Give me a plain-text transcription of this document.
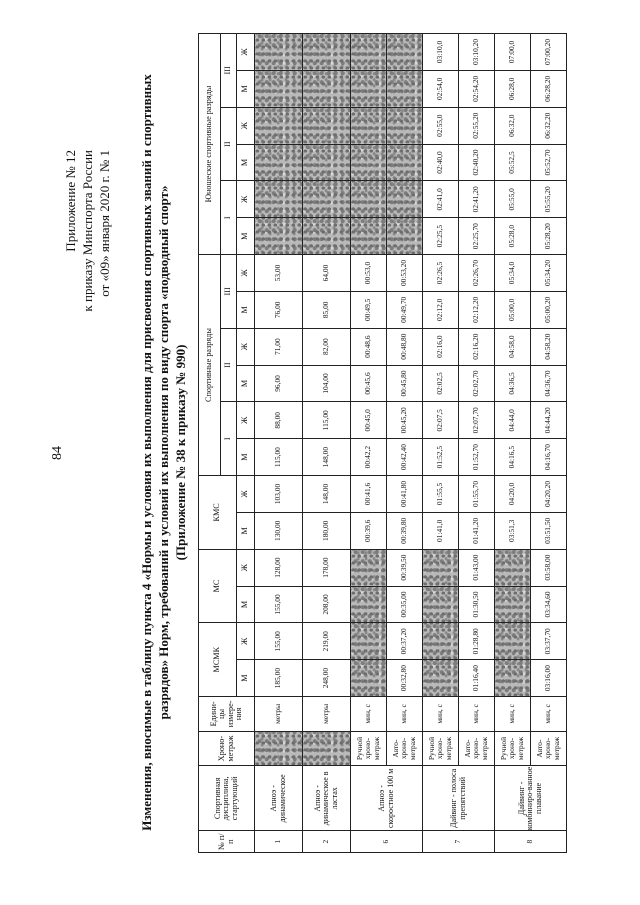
84
Приложение № 12 к приказу Минспорта России от «09» января 2020 г. № 1 Изменения, вносимые в таблицу пункта 4 «Нормы и условия их выполнения для присвоения спортивных званий и спортивных разрядов» Норм, требований и условий их выполнения по виду спорта «подводный спорт» (Приложение № 38 к приказу № 990)
№ п/п	Спортивная дисциплина, стартующий	Хроно-метраж	Едини-цы измере-ния	МСМК		МС		КМС		Спортивные разряды						Юношеские спортивные разряды					
										I		II		III		I		II		III	
				М	Ж	М	Ж	М	Ж	М	Ж	М	Ж	М	Ж	М	Ж	М	Ж	М	Ж
1	Апноэ - динамическое		метры	185,00	155,00	155,00	128,00	130,00	103,00	115,00	88,00	96,00	71,00	76,00	53,00						
2	Апноэ - динамическое в ластах		метры	248,00	219,00	208,00	178,00	180,00	148,00	148,00	115,00	104,00	82,00	85,00	64,00						
6	Апноэ - скоростное 100 м	Ручной хроно-метраж	мин, с					00:39,6	00:41,6	00:42,2	00:45,0	00:45,6	00:48,6	00:49,5	00:53,0						
		Авто-хроно-метраж	мин, с	00:32,80	00:37,20	00:35,00	00:39,50	00:39,80	00:41,80	00:42,40	00:45,20	00:45,80	00:48,80	00:49,70	00:53,20						
7	Дайвинг - полоса препятствий	Ручной хроно-метраж	мин, с					01:41,0	01:55,5	01:52,5	02:07,5	02:02,5	02:16,0	02:12,0	02:26,5	02:25,5	02:41,0	02:40,0	02:55,0	02:54,0	03:10,0
		Авто-хроно-метраж	мин, с	01:16,40	01:28,80	01:30,50	01:43,00	01:41,20	01:55,70	01:52,70	02:07,70	02:02,70	02:16,20	02:12,20	02:26,70	02:25,70	02:41,20	02:40,20	02:55,20	02:54,20	03:10,20
8	Дайвинг - комбиниро-ванное плавание	Ручной хроно-метраж	мин, с					03:51,3	04:20,0	04:16,5	04:44,0	04:36,5	04:58,0	05:00,0	05:34,0	05:28,0	05:55,0	05:52,5	06:32,0	06:28,0	07:00,0
		Авто-хроно-метраж	мин, с	03:16,00	03:37,70	03:34,60	03:58,00	03:51,50	04:20,20	04:16,70	04:44,20	04:36,70	04:58,20	05:00,20	05:34,20	05:28,20	05:55,20	05:52,70	06:32,20	06:28,20	07:00,20
